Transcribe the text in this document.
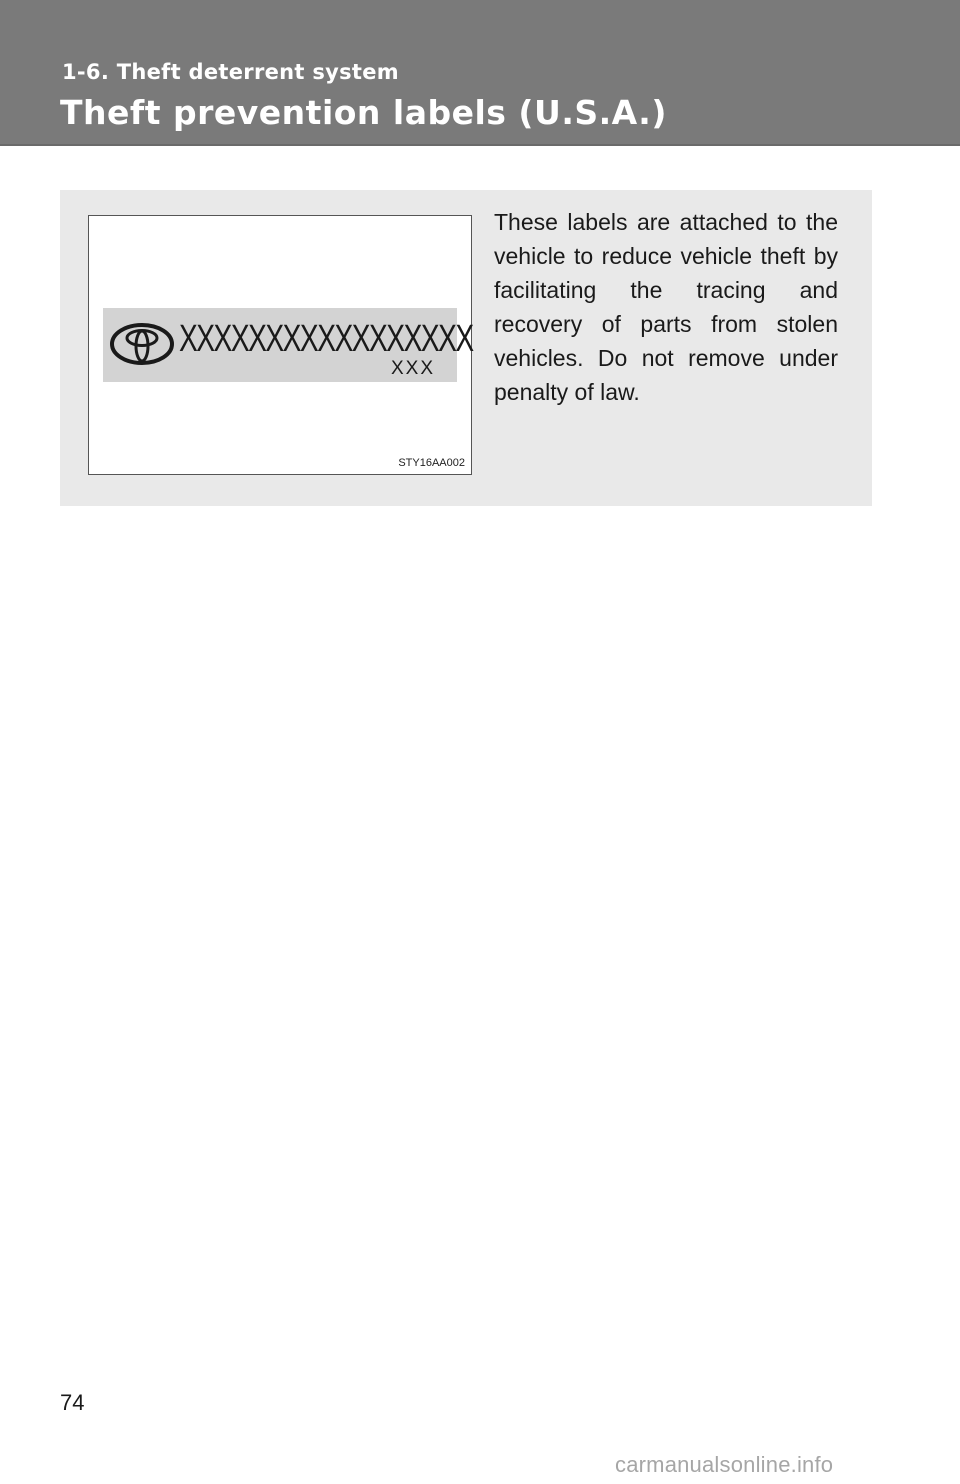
1-6. Theft deterrent system
Theft prevention labels (U.S.A.)
XXXXXXXXXXXXXXXXX
XXX
STY16AA002
These labels are attached to the vehicle to reduce vehicle theft by facilitating the tracing and recovery of parts from stolen vehicles. Do not remove under penalty of law.
74
carmanualsonline.info
